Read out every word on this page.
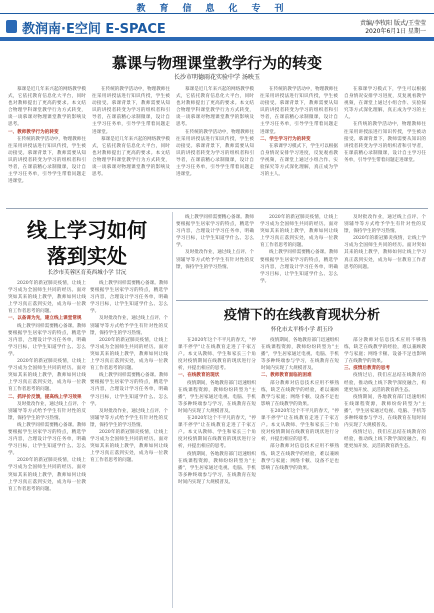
教育信息化专刊
教润南·E空间 E-SPACE	责编/李牧阳 版式/王莹莹
2020年6月1日 星期一
慕课与物理课堂教学行为的转变
长沙市明德雨花实验中学 汤映玉

慕课是近几年来兴起的网络教学模式，它依托教育信息化大平台，同时也对教师提出了更高的要求。本文结合物理学科课堂教学行为方式转变，谈一谈慕课对物理课堂教学的影响及思考。

一、教师教学行为的转变

在传统的教学活动中，物理教师往往采用讲授法进行知识传授，学生被动接受。慕课背景下，教师需要从知识的讲授者转变为学习的组织者和引导者，在课前精心录制微课，设计自主学习任务单，引导学生带着问题走进课堂。

在传统的教学活动中，物理教师往往采用讲授法进行知识传授，学生被动接受。慕课背景下，教师需要从知识的讲授者转变为学习的组织者和引导者，在课前精心录制微课，设计自主学习任务单，引导学生带着问题走进课堂。

慕课是近几年来兴起的网络教学模式，它依托教育信息化大平台，同时也对教师提出了更高的要求。本文结合物理学科课堂教学行为方式转变，谈一谈慕课对物理课堂教学的影响及思考。

慕课是近几年来兴起的网络教学模式，它依托教育信息化大平台，同时也对教师提出了更高的要求。本文结合物理学科课堂教学行为方式转变，谈一谈慕课对物理课堂教学的影响及思考。

在传统的教学活动中，物理教师往往采用讲授法进行知识传授，学生被动接受。慕课背景下，教师需要从知识的讲授者转变为学习的组织者和引导者，在课前精心录制微课，设计自主学习任务单，引导学生带着问题走进课堂。

在传统的教学活动中，物理教师往往采用讲授法进行知识传授，学生被动接受。慕课背景下，教师需要从知识的讲授者转变为学习的组织者和引导者，在课前精心录制微课，设计自主学习任务单，引导学生带着问题走进课堂。

二、学生学习行为的转变

在慕课学习模式下，学生可以根据自身情况安排学习进度，反复观看教学视频，在课堂上通过小组合作、实验探究等方式深化理解，真正成为学习的主人。

在慕课学习模式下，学生可以根据自身情况安排学习进度，反复观看教学视频，在课堂上通过小组合作、实验探究等方式深化理解，真正成为学习的主人。

在传统的教学活动中，物理教师往往采用讲授法进行知识传授，学生被动接受。慕课背景下，教师需要从知识的讲授者转变为学习的组织者和引导者，在课前精心录制微课，设计自主学习任务单，引导学生带着问题走进课堂。

线上学习如何
落到实处
长沙市芙蓉区育英西城小学 甘沅

2020年的新冠肺炎疫情，让线上学习成为全国师生共同的经历。面对突如其来的线上教学，教师如何让线上学习真正落到实处，成为每一位教育工作者思考的问题。

一、以备课为先，建立线上课堂常规

线上教学同样需要精心备课。教师要根据学生居家学习的特点，精选学习内容，合理设计学习任务单，明确学习目标，让学生知道学什么、怎么学。

2020年的新冠肺炎疫情，让线上学习成为全国师生共同的经历。面对突如其来的线上教学，教师如何让线上学习真正落到实处，成为每一位教育工作者思考的问题。

二、抓评价反馈，提高线上学习效果

及时批改作业，通过线上点评、个别辅导等方式给予学生有针对性的反馈，保持学生的学习热情。

线上教学同样需要精心备课。教师要根据学生居家学习的特点，精选学习内容，合理设计学习任务单，明确学习目标，让学生知道学什么、怎么学。

2020年的新冠肺炎疫情，让线上学习成为全国师生共同的经历。面对突如其来的线上教学，教师如何让线上学习真正落到实处，成为每一位教育工作者思考的问题。

线上教学同样需要精心备课。教师要根据学生居家学习的特点，精选学习内容，合理设计学习任务单，明确学习目标，让学生知道学什么、怎么学。

及时批改作业，通过线上点评、个别辅导等方式给予学生有针对性的反馈，保持学生的学习热情。

2020年的新冠肺炎疫情，让线上学习成为全国师生共同的经历。面对突如其来的线上教学，教师如何让线上学习真正落到实处，成为每一位教育工作者思考的问题。

线上教学同样需要精心备课。教师要根据学生居家学习的特点，精选学习内容，合理设计学习任务单，明确学习目标，让学生知道学什么、怎么学。

及时批改作业，通过线上点评、个别辅导等方式给予学生有针对性的反馈，保持学生的学习热情。

2020年的新冠肺炎疫情，让线上学习成为全国师生共同的经历。面对突如其来的线上教学，教师如何让线上学习真正落到实处，成为每一位教育工作者思考的问题。

线上教学同样需要精心备课。教师要根据学生居家学习的特点，精选学习内容，合理设计学习任务单，明确学习目标，让学生知道学什么、怎么学。

及时批改作业，通过线上点评、个别辅导等方式给予学生有针对性的反馈，保持学生的学习热情。

2020年的新冠肺炎疫情，让线上学习成为全国师生共同的经历。面对突如其来的线上教学，教师如何让线上学习真正落到实处，成为每一位教育工作者思考的问题。

线上教学同样需要精心备课。教师要根据学生居家学习的特点，精选学习内容，合理设计学习任务单，明确学习目标，让学生知道学什么、怎么学。

及时批改作业，通过线上点评、个别辅导等方式给予学生有针对性的反馈，保持学生的学习热情。

2020年的新冠肺炎疫情，让线上学习成为全国师生共同的经历。面对突如其来的线上教学，教师如何让线上学习真正落到实处，成为每一位教育工作者思考的问题。

疫情下的在线教育现状分析
怀化市太平桥小学 胡玉玲

在2020年这个不平凡的春天，"停课不停学"让在线教育走进了千家万户。本文从教师、学生和家长三个角度对疫情期间在线教育的现状进行分析，并提出相应的思考。

一、在线教育的现状

疫情期间，各地教育部门迅速组织在线课程资源，教师纷纷转型为"主播"，学生居家通过电视、电脑、手机等多种终端参与学习，在线教育在短时间内实现了大规模普及。

在2020年这个不平凡的春天，"停课不停学"让在线教育走进了千家万户。本文从教师、学生和家长三个角度对疫情期间在线教育的现状进行分析，并提出相应的思考。

疫情期间，各地教育部门迅速组织在线课程资源，教师纷纷转型为"主播"，学生居家通过电视、电脑、手机等多种终端参与学习，在线教育在短时间内实现了大规模普及。

疫情期间，各地教育部门迅速组织在线课程资源，教师纷纷转型为"主播"，学生居家通过电视、电脑、手机等多种终端参与学习，在线教育在短时间内实现了大规模普及。

二、教师教育面临的困难

部分教师对信息技术应用不够熟练，缺乏在线教学的经验，难以兼顾教学与家庭；网络卡顿、设备不足也影响了在线教学的效果。

在2020年这个不平凡的春天，"停课不停学"让在线教育走进了千家万户。本文从教师、学生和家长三个角度对疫情期间在线教育的现状进行分析，并提出相应的思考。

部分教师对信息技术应用不够熟练，缺乏在线教学的经验，难以兼顾教学与家庭；网络卡顿、设备不足也影响了在线教学的效果。

部分教师对信息技术应用不够熟练，缺乏在线教学的经验，难以兼顾教学与家庭；网络卡顿、设备不足也影响了在线教学的效果。

三、疫情后教育的思考

疫情过后，我们应总结在线教育的经验，推动线上线下教学深度融合，构建更加开放、灵活的教育新生态。

疫情期间，各地教育部门迅速组织在线课程资源，教师纷纷转型为"主播"，学生居家通过电视、电脑、手机等多种终端参与学习，在线教育在短时间内实现了大规模普及。

疫情过后，我们应总结在线教育的经验，推动线上线下教学深度融合，构建更加开放、灵活的教育新生态。
